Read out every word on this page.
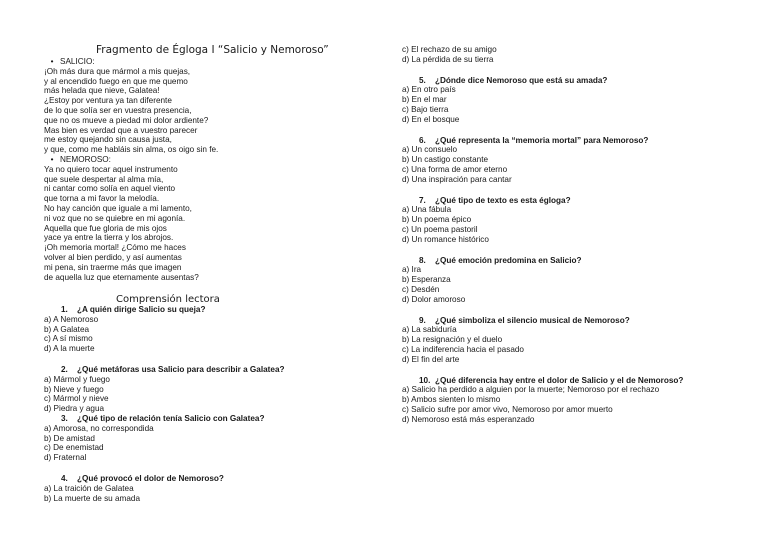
Fragmento de Égloga I “Salicio y Nemoroso”
• SALICIO:
¡Oh más dura que mármol a mis quejas,
y al encendido fuego en que me quemo
más helada que nieve, Galatea!
¿Estoy por ventura ya tan diferente
de lo que solía ser en vuestra presencia,
que no os mueve a piedad mi dolor ardiente?
Mas bien es verdad que a vuestro parecer
me estoy quejando sin causa justa,
y que, como me habláis sin alma, os oigo sin fe.
• NEMOROSO:
Ya no quiero tocar aquel instrumento
que suele despertar al alma mía,
ni cantar como solía en aquel viento
que torna a mi favor la melodía.
No hay canción que iguale a mi lamento,
ni voz que no se quiebre en mi agonía.
Aquella que fue gloria de mis ojos
yace ya entre la tierra y los abrojos.
¡Oh memoria mortal! ¿Cómo me haces
volver al bien perdido, y así aumentas
mi pena, sin traerme más que imagen
de aquella luz que eternamente ausentas?
Comprensión lectora
1. ¿A quién dirige Salicio su queja?
a) A Nemoroso
b) A Galatea
c) A sí mismo
d) A la muerte
2. ¿Qué metáforas usa Salicio para describir a Galatea?
a) Mármol y fuego
b) Nieve y fuego
c) Mármol y nieve
d) Piedra y agua
3. ¿Qué tipo de relación tenía Salicio con Galatea?
a) Amorosa, no correspondida
b) De amistad
c) De enemistad
d) Fraternal
4. ¿Qué provocó el dolor de Nemoroso?
a) La traición de Galatea
b) La muerte de su amada
c) El rechazo de su amigo
d) La pérdida de su tierra
5. ¿Dónde dice Nemoroso que está su amada?
a) En otro país
b) En el mar
c) Bajo tierra
d) En el bosque
6. ¿Qué representa la “memoria mortal” para Nemoroso?
a) Un consuelo
b) Un castigo constante
c) Una forma de amor eterno
d) Una inspiración para cantar
7. ¿Qué tipo de texto es esta égloga?
a) Una fábula
b) Un poema épico
c) Un poema pastoril
d) Un romance histórico
8. ¿Qué emoción predomina en Salicio?
a) Ira
b) Esperanza
c) Desdén
d) Dolor amoroso
9. ¿Qué simboliza el silencio musical de Nemoroso?
a) La sabiduría
b) La resignación y el duelo
c) La indiferencia hacia el pasado
d) El fin del arte
10. ¿Qué diferencia hay entre el dolor de Salicio y el de Nemoroso?
a) Salicio ha perdido a alguien por la muerte; Nemoroso por el rechazo
b) Ambos sienten lo mismo
c) Salicio sufre por amor vivo, Nemoroso por amor muerto
d) Nemoroso está más esperanzado
